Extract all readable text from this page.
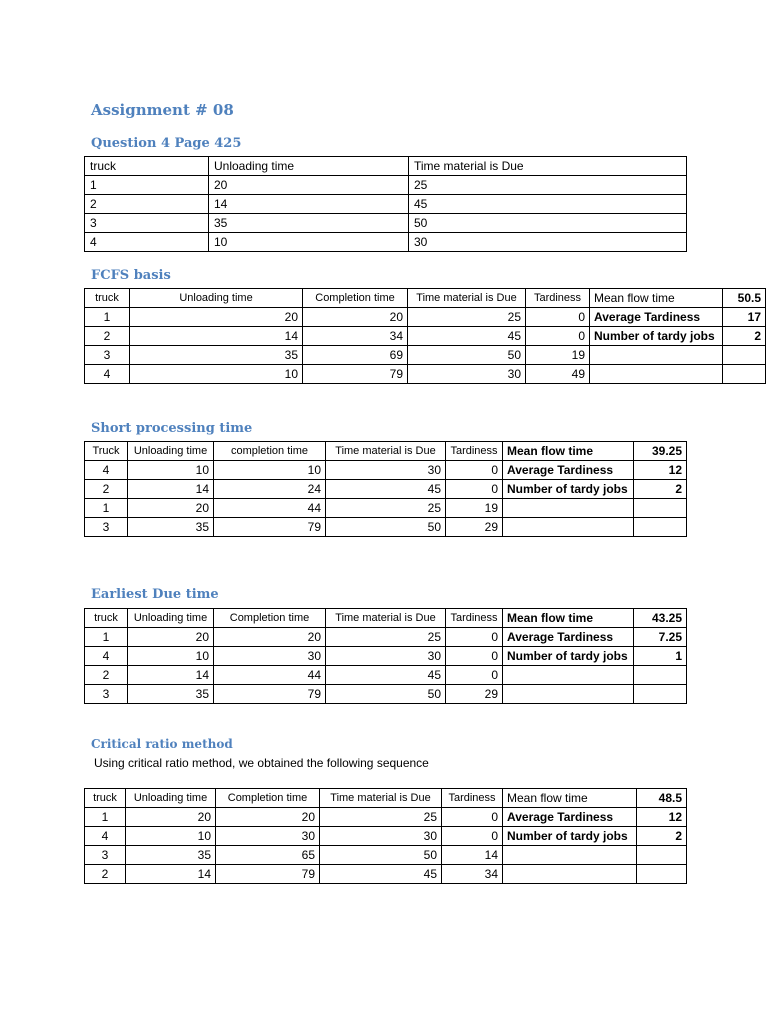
Assignment # 08
Question 4 Page 425
truck	Unloading time	Time material is Due
1	20	25
2	14	45
3	35	50
4	10	30
FCFS basis
truck	Unloading time	Completion time	Time material is Due	Tardiness	Mean flow time	50.5
1	20	20	25	0	Average Tardiness	17
2	14	34	45	0	Number of tardy jobs	2
3	35	69	50	19		
4	10	79	30	49		
Short processing time
Truck	Unloading time	completion time	Time material is Due	Tardiness	Mean flow time	39.25
4	10	10	30	0	Average Tardiness	12
2	14	24	45	0	Number of tardy jobs	2
1	20	44	25	19		
3	35	79	50	29		
Earliest Due time
truck	Unloading time	Completion time	Time material is Due	Tardiness	Mean flow time	43.25
1	20	20	25	0	Average Tardiness	7.25
4	10	30	30	0	Number of tardy jobs	1
2	14	44	45	0		
3	35	79	50	29		
Critical ratio method

Using critical ratio method, we obtained the following sequence

truck	Unloading time	Completion time	Time material is Due	Tardiness	Mean flow time	48.5
1	20	20	25	0	Average Tardiness	12
4	10	30	30	0	Number of tardy jobs	2
3	35	65	50	14		
2	14	79	45	34		
